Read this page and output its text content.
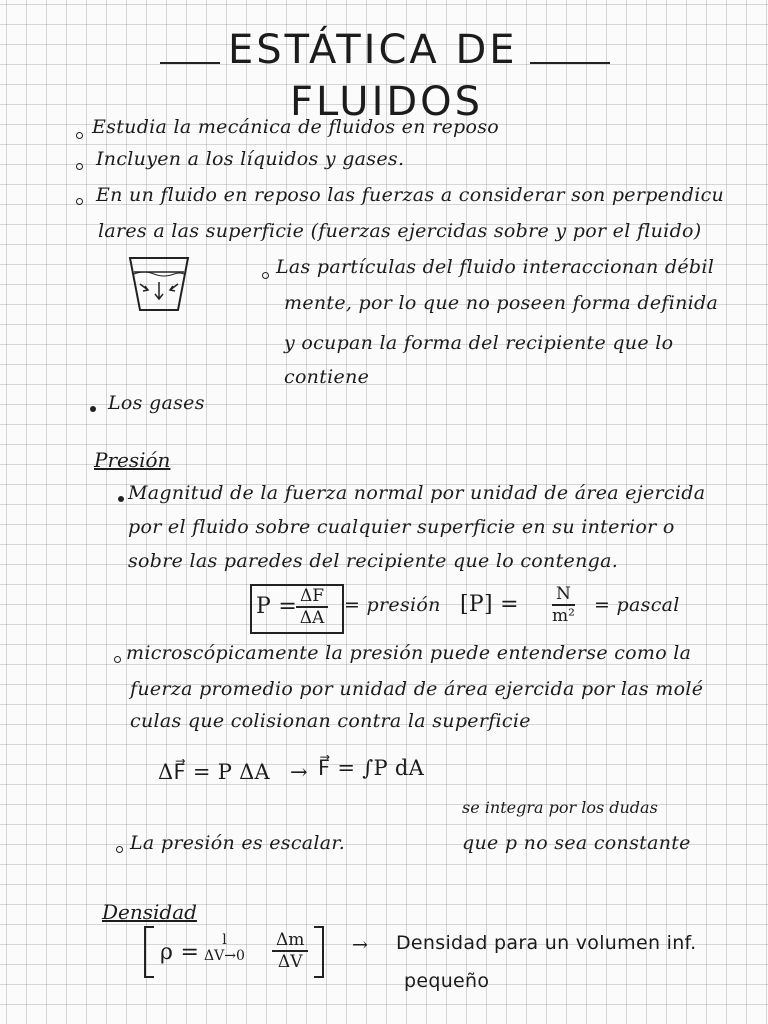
ESTÁTICA DE
FLUIDOS
Estudia la mecánica de fluidos en reposo
Incluyen a los líquidos y gases.
En un fluido en reposo las fuerzas a considerar son perpendicu
lares a las superficie (fuerzas ejercidas sobre y por el fluido)
Las partículas del fluido interaccionan débil
mente, por lo que no poseen forma definida
y ocupan la forma del recipiente que lo
contiene
Los gases
Presión
Magnitud de la fuerza normal por unidad de área ejercida
por el fluido sobre cualquier superficie en su interior o
sobre las paredes del recipiente que lo contenga.
P =
$\frac{\Delta F}{\Delta A}$ = presión $[P] = \frac{N}{\text{m²}}$ = pascal
microscópicamente la presión puede entenderse como la
fuerza promedio por unidad de área ejercida por las molé
culas que colisionan contra la superficie
ΔF⃗ = P ΔA → F⃗ = ∫P dA
se integra por los dudas
La presión es escalar.	que p no sea constante
Densidad
ρ = l
$\Delta V\to 0 \frac{\Delta m}{\Delta V}$ → Densidad para un volumen inf.
pequeño
